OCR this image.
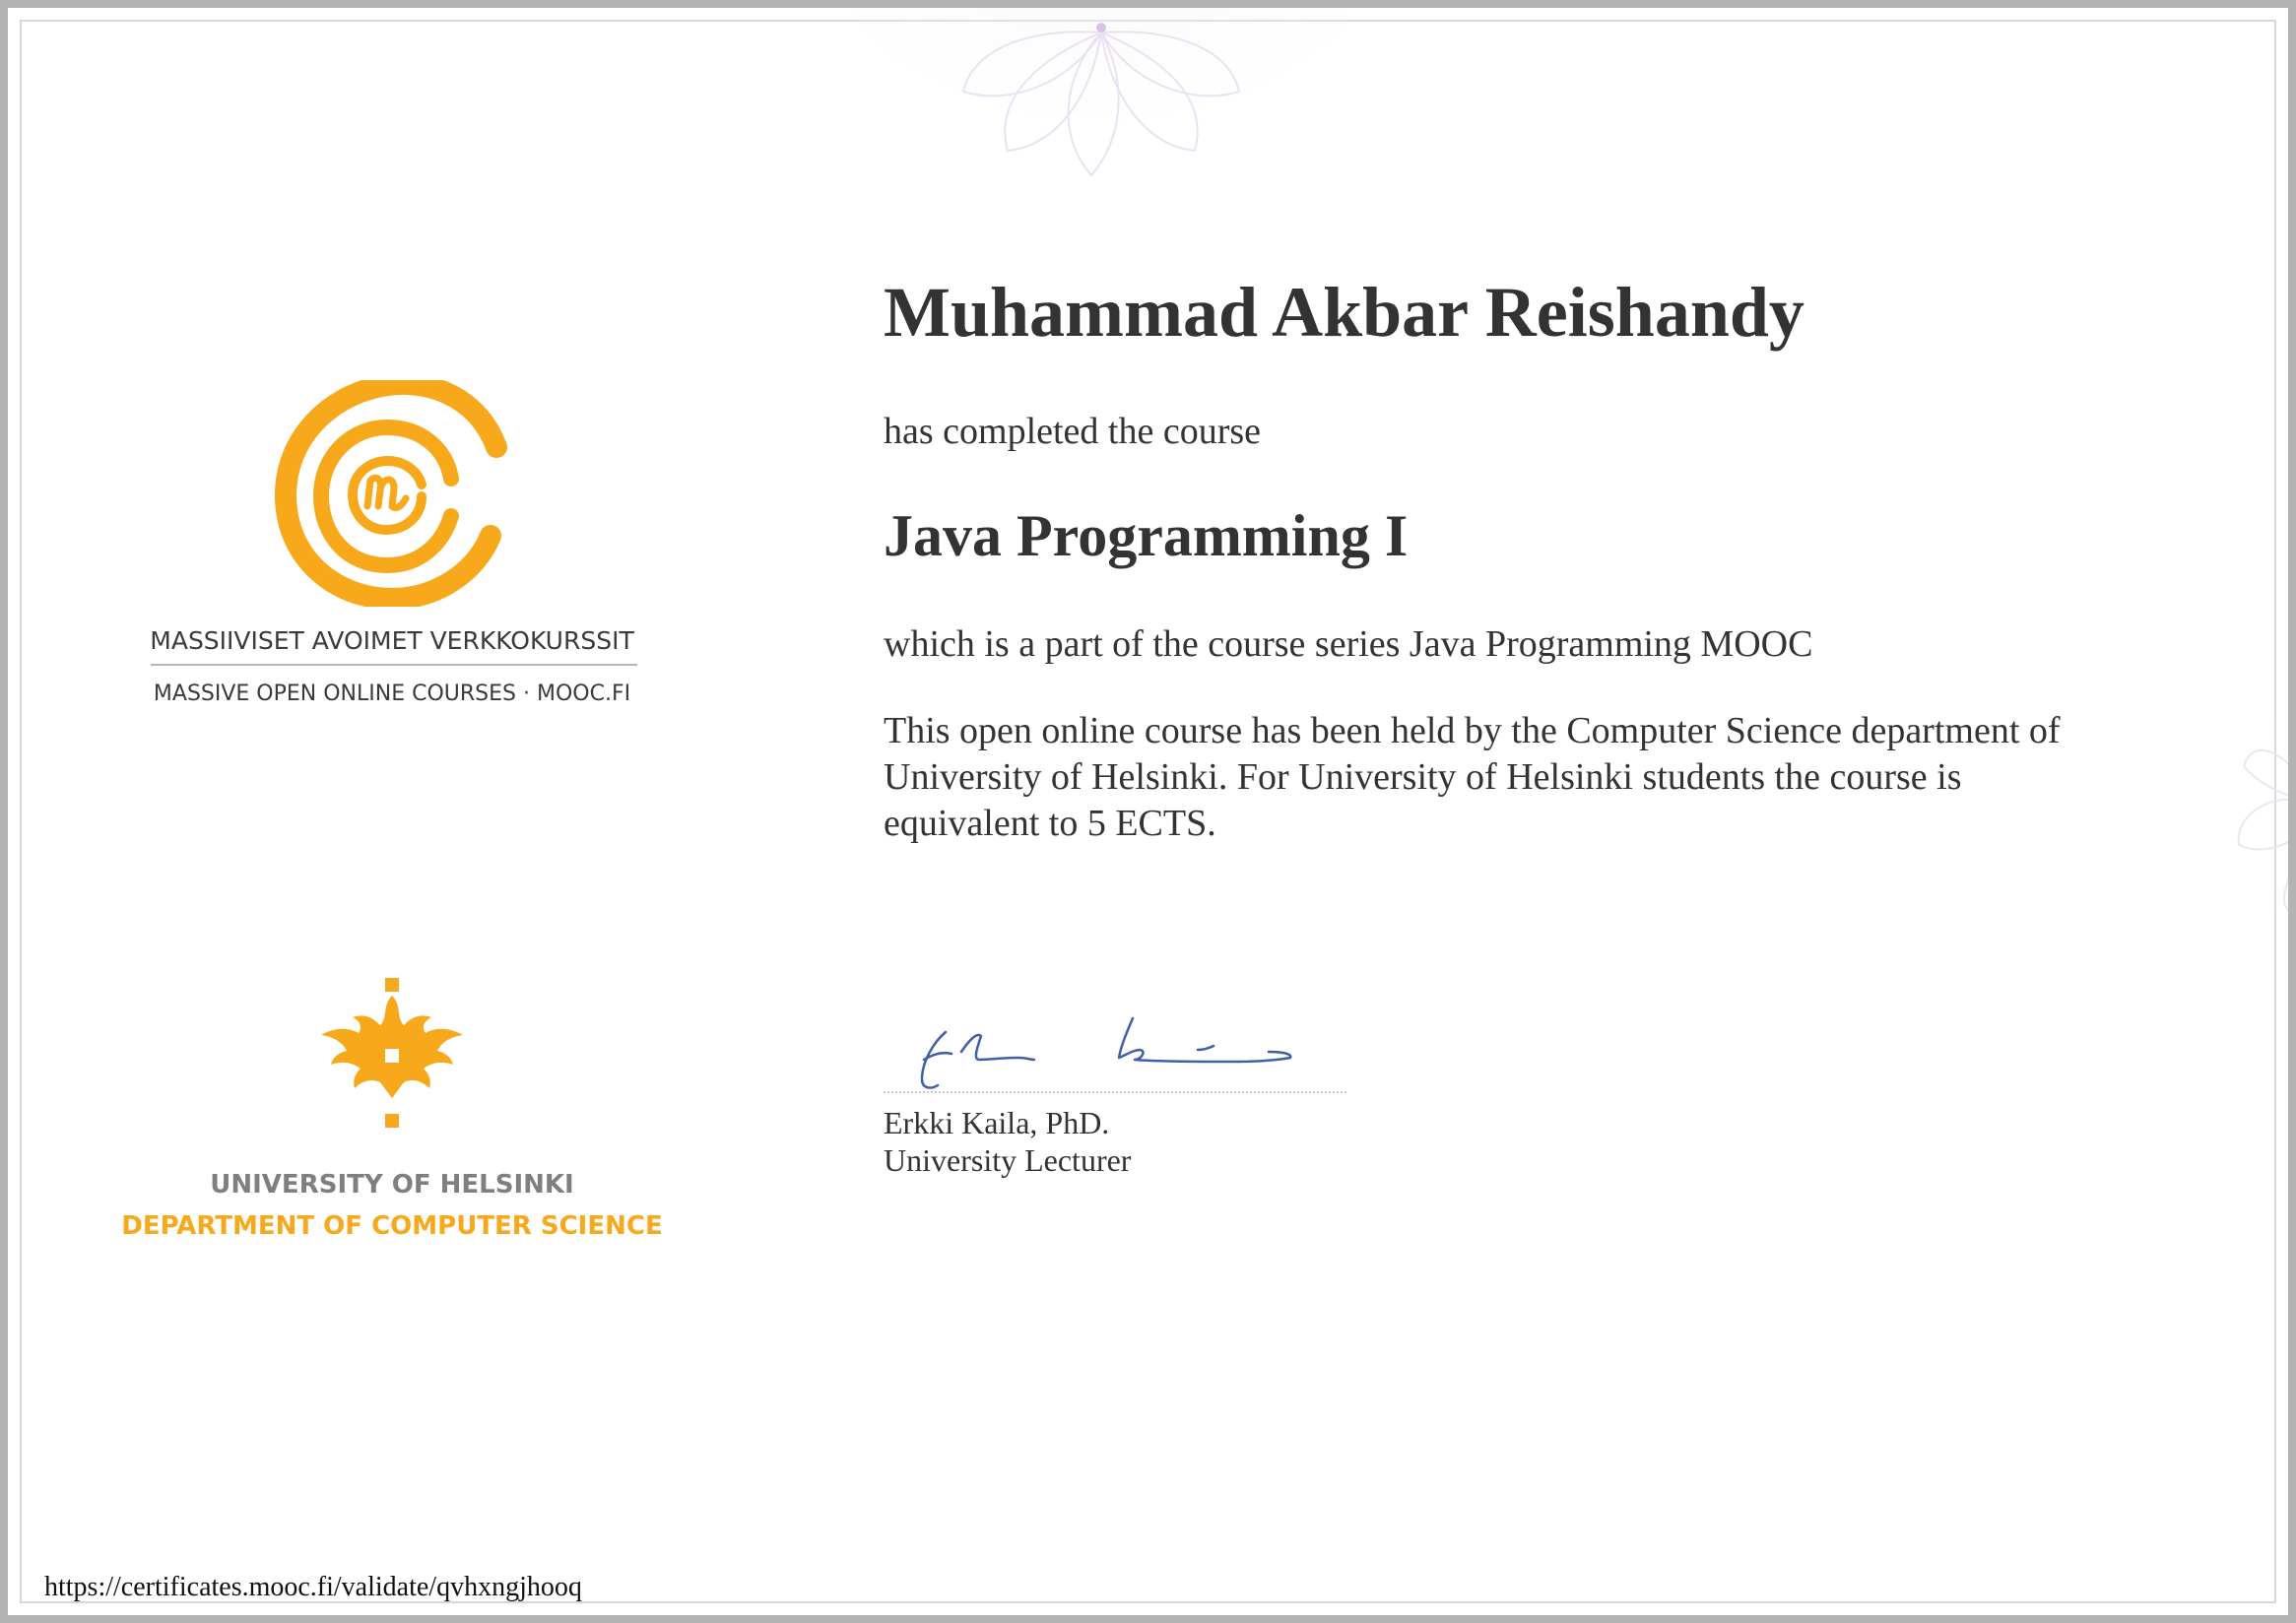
MASSIIVISET AVOIMET VERKKOKURSSIT
MASSIVE OPEN ONLINE COURSES · MOOC.FI
UNIVERSITY OF HELSINKI
DEPARTMENT OF COMPUTER SCIENCE
Muhammad Akbar Reishandy
has completed the course
Java Programming I
which is a part of the course series Java Programming MOOC
This open online course has been held by the Computer Science department of University of Helsinki. For University of Helsinki students the course is equivalent to 5 ECTS.
Erkki Kaila, PhD.
University Lecturer
https://certificates.mooc.fi/validate/qvhxngjhooq
